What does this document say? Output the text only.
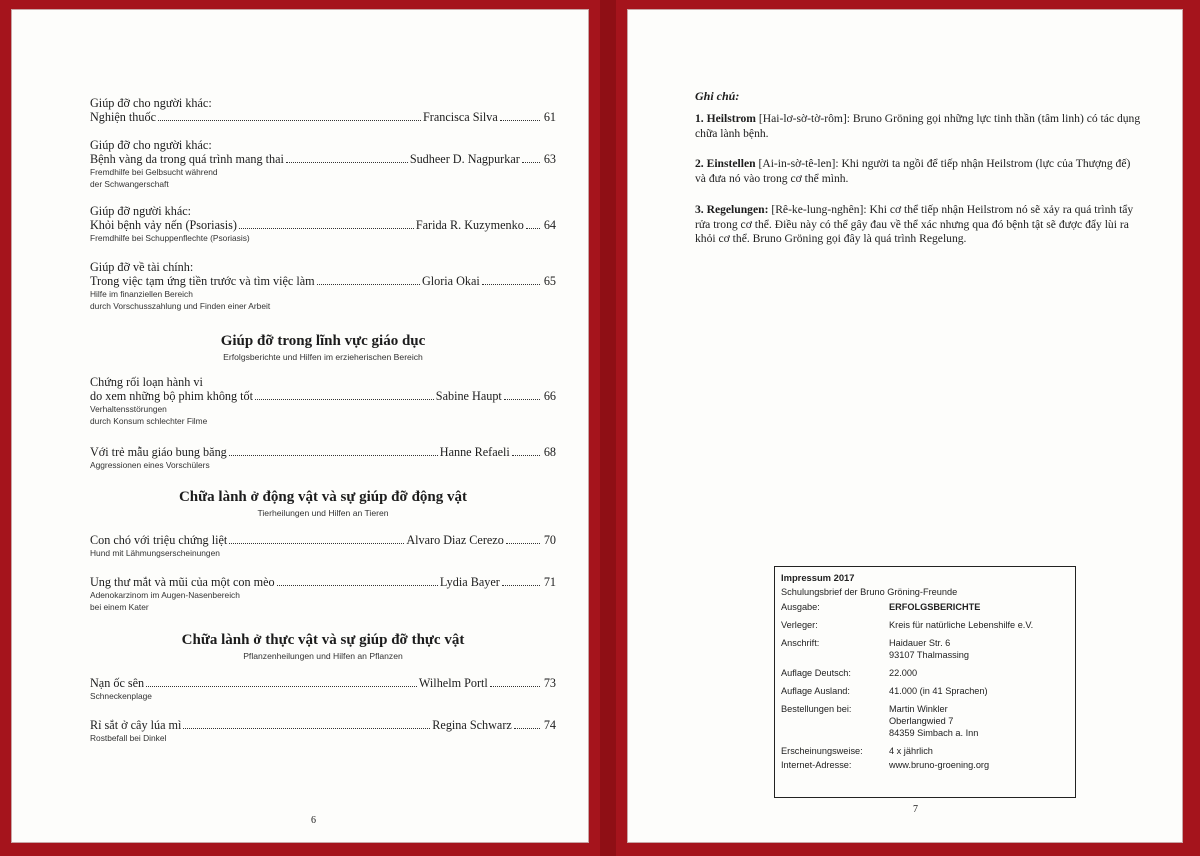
Giúp đỡ cho người khác:
Nghiện thuốc	Francisca Silva	61
Giúp đỡ cho người khác:
Bệnh vàng da trong quá trình mang thai	Sudheer D. Nagpurkar 63
Fremdhilfe bei Gelbsucht während
der Schwangerschaft
Giúp đỡ người khác:
Khỏi bệnh vảy nến (Psoriasis)	Farida R. Kuzymenko 64
Fremdhilfe bei Schuppenflechte (Psoriasis)
Giúp đỡ về tài chính:
Trong việc tạm ứng tiền trước và tìm việc làm	Gloria Okai	65
Hilfe im finanziellen Bereich
durch Vorschusszahlung und Finden einer Arbeit
Giúp đỡ trong lĩnh vực giáo dục
Erfolgsberichte und Hilfen im erzieherischen Bereich
Chứng rối loạn hành vi
do xem những bộ phim không tốt	Sabine Haupt	66
Verhaltensstörungen
durch Konsum schlechter Filme
Với trẻ mẫu giáo bung băng	Hanne Refaeli	68
Aggressionen eines Vorschülers
Chữa lành ở động vật và sự giúp đỡ động vật
Tierheilungen und Hilfen an Tieren
Con chó với triệu chứng liệt	Alvaro Diaz Cerezo	70
Hund mit Lähmungserscheinungen
Ung thư mắt và mũi của một con mèo	Lydia Bayer	71
Adenokarzinom im Augen-Nasenbereich
bei einem Kater
Chữa lành ở thực vật và sự giúp đỡ thực vật
Pflanzenheilungen und Hilfen an Pflanzen
Nạn ốc sên	Wilhelm Portl	73
Schneckenplage
Rỉ sắt ở cây lúa mì	Regina Schwarz	74
Rostbefall bei Dinkel
6
Ghi chú:
1. Heilstrom [Hai-lơ-sờ-tờ-rôm]: Bruno Gröning gọi những lực tinh thần (tâm linh) có tác dụng chữa lành bệnh.
2. Einstellen [Ai-in-sờ-tê-len]: Khi người ta ngồi để tiếp nhận Heilstrom (lực của Thượng đế) và đưa nó vào trong cơ thể mình.
3. Regelungen: [Rê-ke-lung-nghên]: Khi cơ thể tiếp nhận Heilstrom nó sẽ xảy ra quá trình tẩy rửa trong cơ thể. Điều này có thể gây đau về thể xác nhưng qua đó bệnh tật sẽ được đẩy lùi ra khỏi cơ thể. Bruno Gröning gọi đây là quá trình Regelung.
Impressum 2017
Schulungsbrief der Bruno Gröning-Freunde
Ausgabe:	ERFOLGSBERICHTE
Verleger:	Kreis für natürliche Lebenshilfe e.V.
Anschrift:	Haidauer Str. 6
93107 Thalmassing
Auflage Deutsch:	22.000
Auflage Ausland:	41.000 (in 41 Sprachen)
Bestellungen bei:	Martin Winkler
Oberlangwied 7
84359 Simbach a. Inn
Erscheinungsweise:	4 x jährlich
Internet-Adresse:	www.bruno-groening.org
7
